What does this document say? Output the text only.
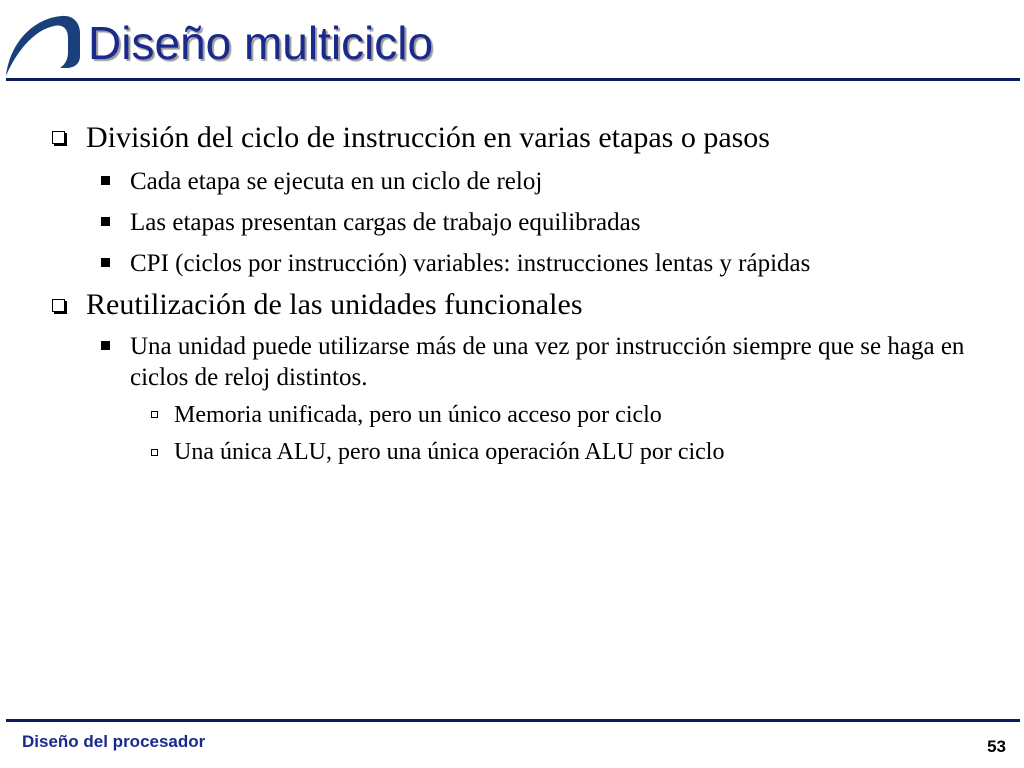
Diseño multiciclo
División del ciclo de instrucción en varias etapas o pasos
Cada etapa se ejecuta en un ciclo de reloj
Las etapas presentan cargas de trabajo equilibradas
CPI (ciclos por instrucción) variables: instrucciones lentas y rápidas
Reutilización de las unidades funcionales
Una unidad puede utilizarse más de una vez por instrucción siempre que se haga en ciclos de reloj distintos.
Memoria unificada, pero un único acceso por ciclo
Una única ALU, pero una única operación ALU por ciclo
Diseño del procesador	53
